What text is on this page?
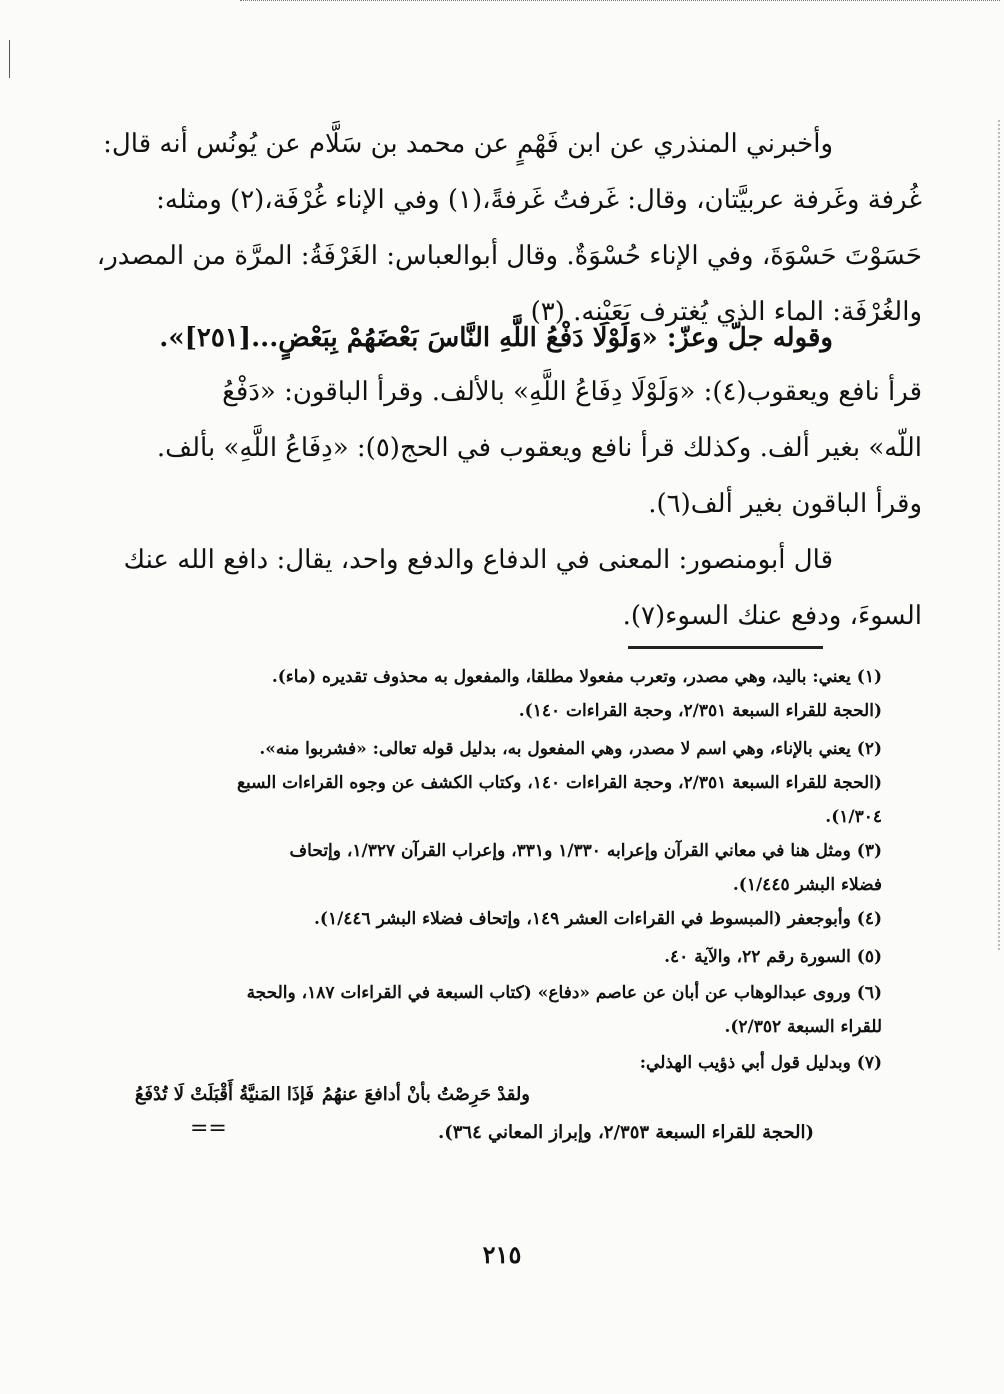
وأخبرني المنذري عن ابن فَهْمٍ عن محمد بن سَلَّام عن يُونُس أنه قال:

غُرفة وغَرفة عربيَّتان، وقال: غَرفتُ غَرفةً،(١) وفي الإناء غُرْفَة،(٢) ومثله:

حَسَوْتَ حَسْوَةَ، وفي الإناء حُسْوَةٌ. وقال أبوالعباس: الغَرْفَةُ: المرَّة من المصدر،

والغُرْفَة: الماء الذي يُغترف بَعَيْنه. (٣)

وقوله جلّ وعزّ: «وَلَوْلَا دَفْعُ اللَّهِ النَّاسَ بَعْضَهُمْ بِبَعْضٍ...[٢٥١]».

قرأ نافع ويعقوب(٤): «وَلَوْلَا دِفَاعُ اللَّهِ» بالألف. وقرأ الباقون: «دَفْعُ

اللّه» بغير ألف. وكذلك قرأ نافع ويعقوب في الحج(٥): «دِفَاعُ اللَّهِ» بألف.

وقرأ الباقون بغير ألف(٦).

قال أبومنصور: المعنى في الدفاع والدفع واحد، يقال: دافع الله عنك

السوءَ، ودفع عنك السوء(٧).

(١) يعني: باليد، وهي مصدر، وتعرب مفعولا مطلقا، والمفعول به محذوف تقديره (ماء).

(الحجة للقراء السبعة ٢/٣٥١، وحجة القراءات ١٤٠).

(٢) يعني بالإناء، وهي اسم لا مصدر، وهي المفعول به، بدليل قوله تعالى: «فشربوا منه».

(الحجة للقراء السبعة ٢/٣٥١، وحجة القراءات ١٤٠، وكتاب الكشف عن وجوه القراءات السبع

١/٣٠٤).

(٣) ومثل هنا في معاني القرآن وإعرابه ١/٣٣٠ و٣٣١، وإعراب القرآن ١/٣٢٧، وإتحاف

فضلاء البشر ١/٤٤٥).

(٤) وأبوجعفر (المبسوط في القراءات العشر ١٤٩، وإتحاف فضلاء البشر ١/٤٤٦).

(٥) السورة رقم ٢٢، والآية ٤٠.

(٦) وروى عبدالوهاب عن أبان عن عاصم «دفاع» (كتاب السبعة في القراءات ١٨٧، والحجة

للقراء السبعة ٢/٣٥٢).

(٧) وبدليل قول أبي ذؤيب الهذلي:

ولقدْ حَرِصْتُ بأنْ أدافعَ عنهُمُ
فَإذَا المَنيَّةُ أَقْبَلَتْ لَا تُدْفَعُ
(الحجة للقراء السبعة ٢/٣٥٣، وإبراز المعاني ٣٦٤).
==
٢١٥
